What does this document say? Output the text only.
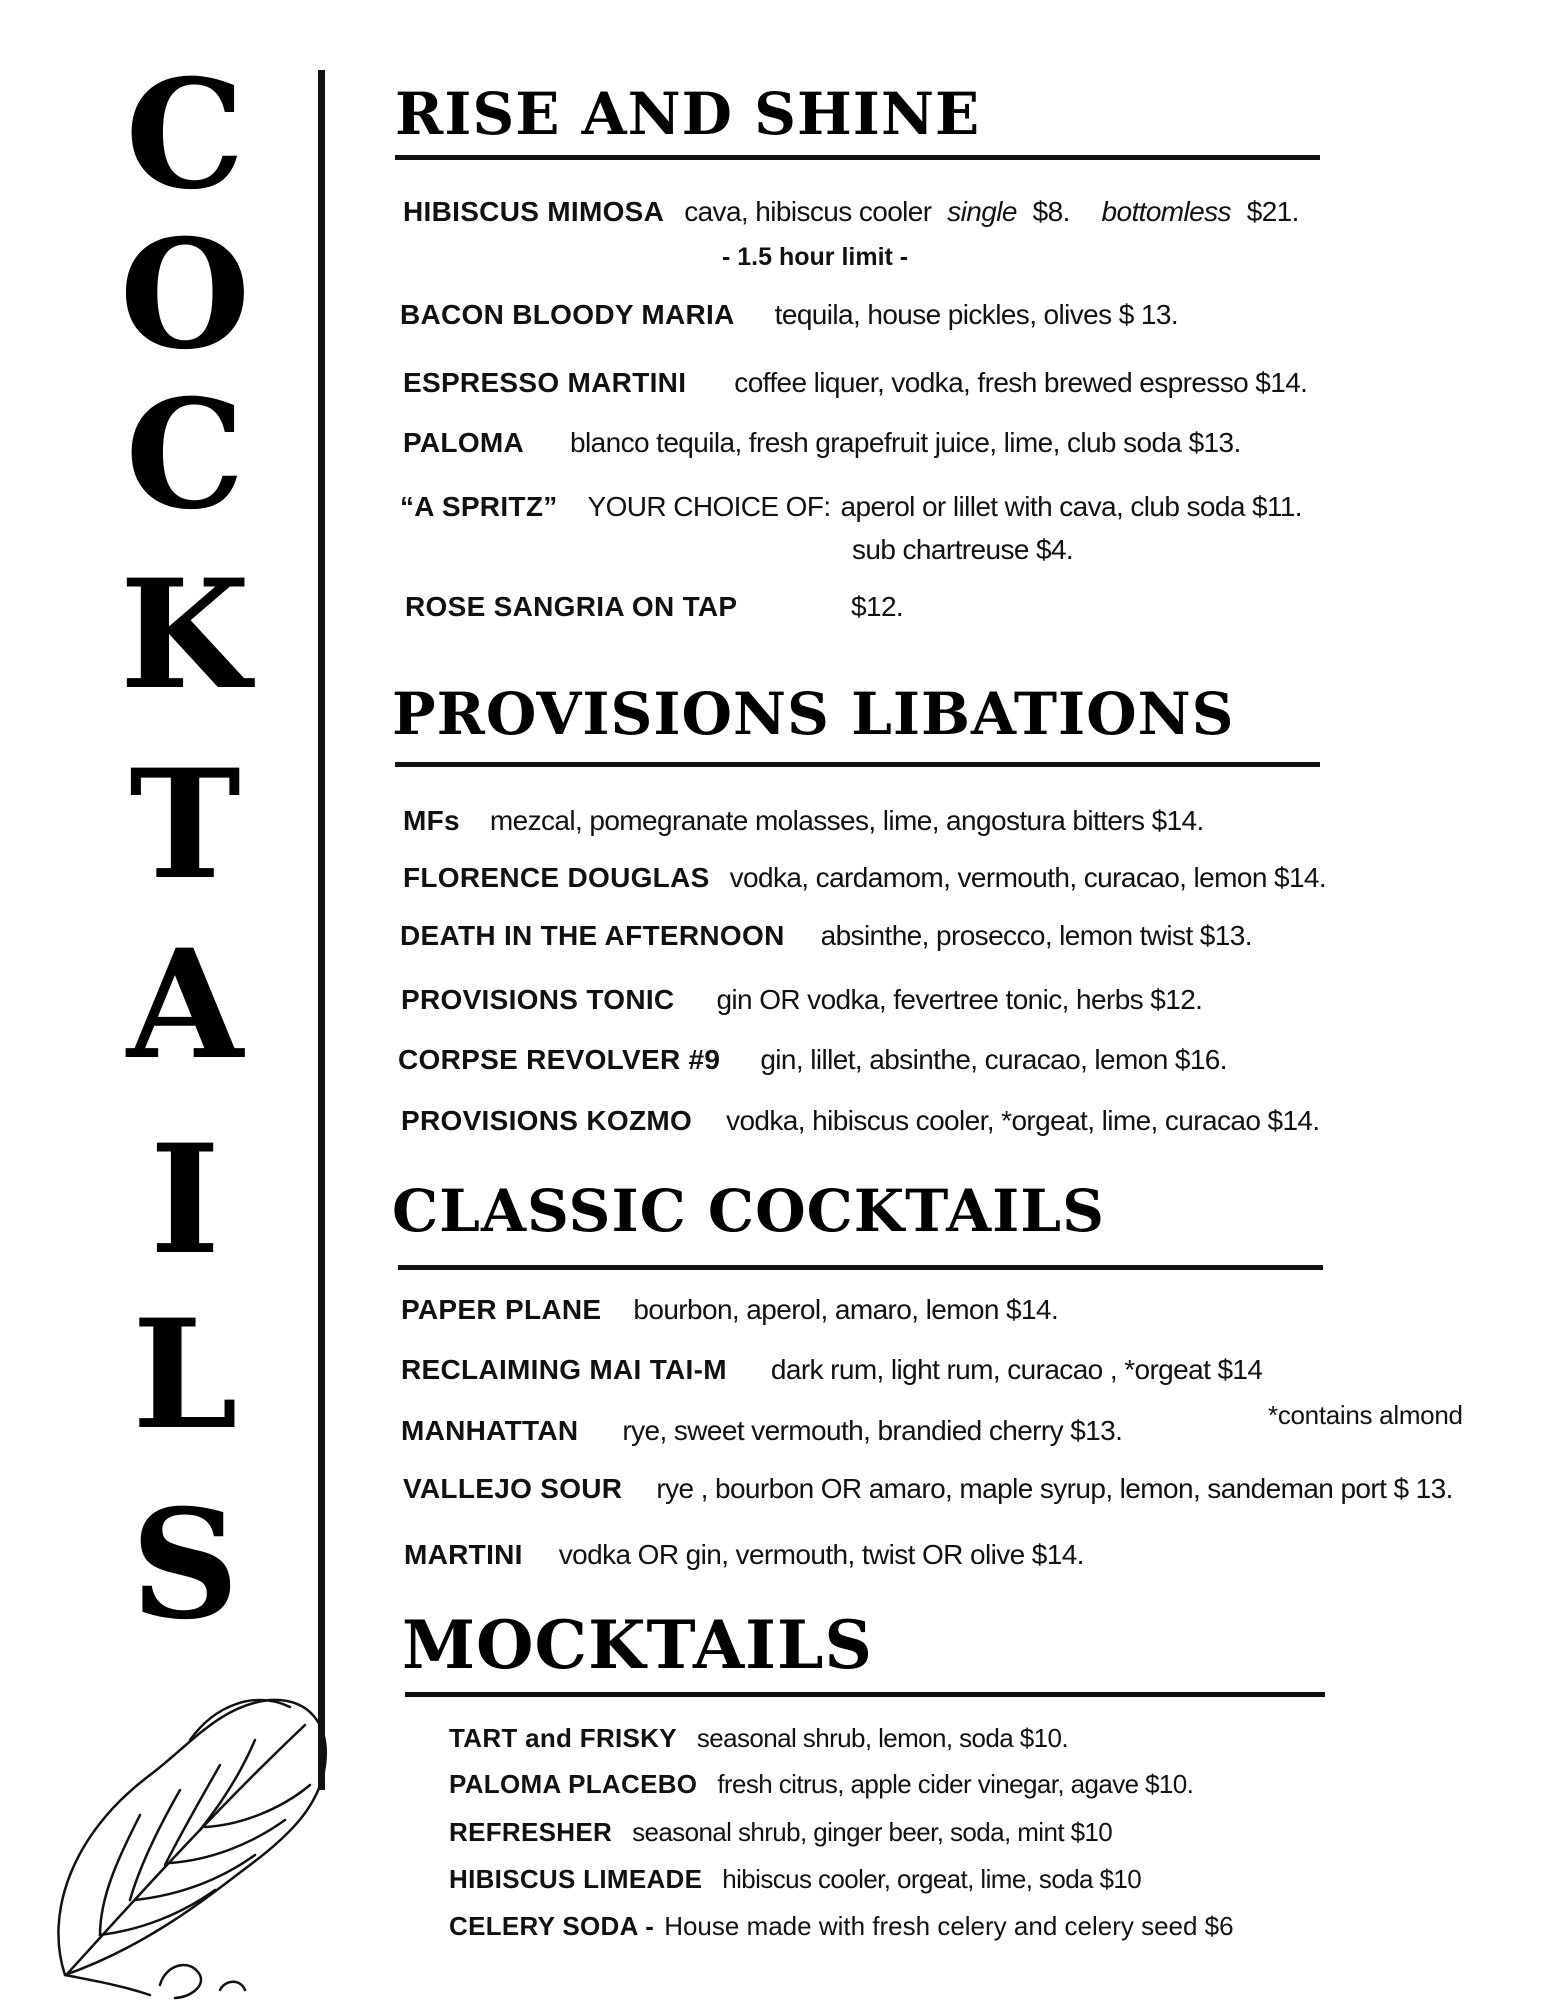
C
O
C
K
T
A
I
L
S
RISE AND SHINE
HIBISCUS MIMOSA cava, hibiscus cooler single $8. bottomless $21.
- 1.5 hour limit -
BACON BLOODY MARIA tequila, house pickles, olives $ 13.
ESPRESSO MARTINI coffee liquer, vodka, fresh brewed espresso $14.
PALOMA blanco tequila, fresh grapefruit juice, lime, club soda $13.
“A SPRITZ” YOUR CHOICE OF: aperol or lillet with cava, club soda $11.
sub chartreuse $4.
ROSE SANGRIA ON TAP	$12.
PROVISIONS LIBATIONS
MFs mezcal, pomegranate molasses, lime, angostura bitters $14.
FLORENCE DOUGLAS vodka, cardamom, vermouth, curacao, lemon $14.
DEATH IN THE AFTERNOON absinthe, prosecco, lemon twist $13.
PROVISIONS TONIC gin OR vodka, fevertree tonic, herbs $12.
CORPSE REVOLVER #9 gin, lillet, absinthe, curacao, lemon $16.
PROVISIONS KOZMO vodka, hibiscus cooler, *orgeat, lime, curacao $14.
CLASSIC COCKTAILS
PAPER PLANE bourbon, aperol, amaro, lemon $14.
RECLAIMING MAI TAI-M dark rum, light rum, curacao , *orgeat $14
*contains almond
MANHATTAN rye, sweet vermouth, brandied cherry $13.
VALLEJO SOUR rye , bourbon OR amaro, maple syrup, lemon, sandeman port $ 13.
MARTINI vodka OR gin, vermouth, twist OR olive $14.
MOCKTAILS
TART and FRISKY seasonal shrub, lemon, soda $10.
PALOMA PLACEBO fresh citrus, apple cider vinegar, agave $10.
REFRESHER seasonal shrub, ginger beer, soda, mint $10
HIBISCUS LIMEADE hibiscus cooler, orgeat, lime, soda $10
CELERY SODA - House made with fresh celery and celery seed $6
